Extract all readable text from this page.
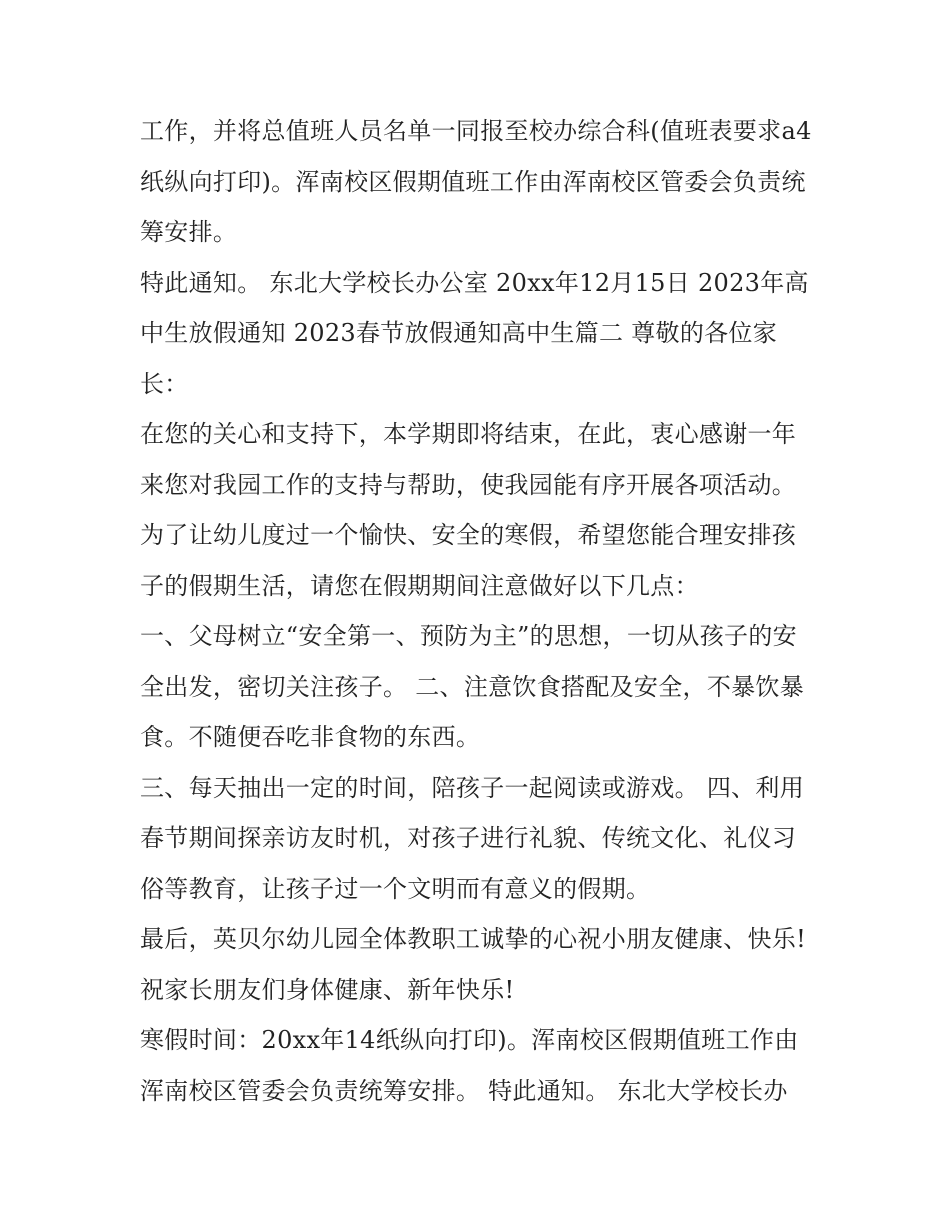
工作，并将总值班人员名单一同报至校办综合科(值班表要求a4纸纵向打印)。浑南校区假期值班工作由浑南校区管委会负责统筹安排。

特此通知。 东北大学校长办公室 20xx年12月15日 2023年高中生放假通知 2023春节放假通知高中生篇二 尊敬的各位家长：

在您的关心和支持下，本学期即将结束，在此，衷心感谢一年来您对我园工作的支持与帮助，使我园能有序开展各项活动。为了让幼儿度过一个愉快、安全的寒假，希望您能合理安排孩子的假期生活，请您在假期期间注意做好以下几点：

一、父母树立“安全第一、预防为主”的思想，一切从孩子的安全出发，密切关注孩子。 二、注意饮食搭配及安全，不暴饮暴食。不随便吞吃非食物的东西。

三、每天抽出一定的时间，陪孩子一起阅读或游戏。 四、利用春节期间探亲访友时机，对孩子进行礼貌、传统文化、礼仪习俗等教育，让孩子过一个文明而有意义的假期。

最后，英贝尔幼儿园全体教职工诚挚的心祝小朋友健康、快乐!祝家长朋友们身体健康、新年快乐!

寒假时间：20xx年14纸纵向打印)。浑南校区假期值班工作由浑南校区管委会负责统筹安排。 特此通知。 东北大学校长办
